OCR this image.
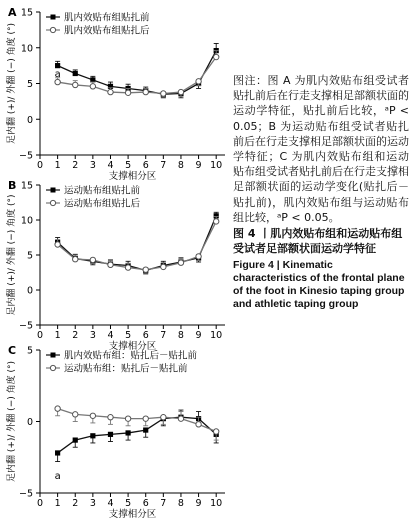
A
−5
0
5
10
15
0 1 2 3 4 5 6 7 8 9 10
支撑相分区
足内翻 (+)/ 外翻 (−) 角度 (°)
肌内效贴布组贴扎前
肌内效贴布组贴扎后
a
B
−5
0
5
10
15
0 1 2 3 4 5 6 7 8 9 10
支撑相分区
足内翻 (+)/ 外翻 (−) 角度 (°)
运动贴布组贴扎前
运动贴布组贴扎后
C
−5
0
5
0 1 2 3 4 5 6 7 8 9 10
支撑相分区
足内翻 (+)/ 外翻 (−) 角度 (°)
肌内效贴布组：贴扎后－贴扎前
运动贴布组：贴扎后－贴扎前
a
图注：图 A 为肌内效贴布组受试者贴扎前后在行走支撑相足部额状面的运动学特征，贴扎前后比较，ᵃP < 0.05；B 为运动贴布组受试者贴扎前后在行走支撑相足部额状面的运动学特征；C 为肌内效贴布组和运动贴布组受试者贴扎前后在行走支撑相足部额状面的运动学变化(贴扎后－贴扎前)，肌内效贴布组与运动贴布组比较，ᵃP < 0.05。
图 4 丨肌内效贴布组和运动贴布组受试者足部额状面运动学特征
Figure 4 | Kinematic characteristics of the frontal plane of the foot in Kinesio taping group and athletic taping group
